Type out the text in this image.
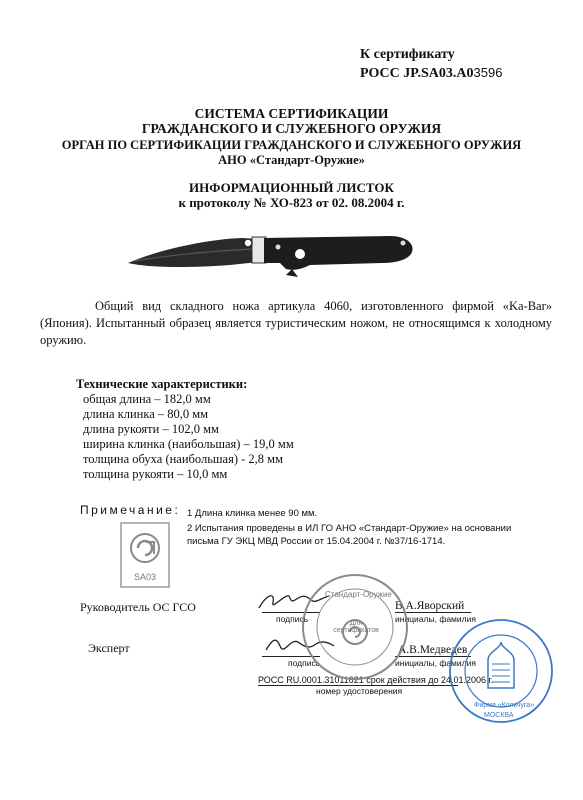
К сертификату
РОСС JP.SA03.A03596
СИСТЕМА СЕРТИФИКАЦИИ
ГРАЖДАНСКОГО И СЛУЖЕБНОГО ОРУЖИЯ
ОРГАН ПО СЕРТИФИКАЦИИ ГРАЖДАНСКОГО И СЛУЖЕБНОГО ОРУЖИЯ
АНО «Стандарт-Оружие»
ИНФОРМАЦИОННЫЙ ЛИСТОК
к протоколу № ХО-823 от 02. 08.2004 г.
Общий вид складного ножа артикула 4060, изготовленного фирмой «Ka-Bar» (Япония). Испытанный образец является туристическим ножом, не относящимся к холодному оружию.
Технические характеристики:
общая длина – 182,0 мм
длина клинка – 80,0 мм
длина рукояти – 102,0 мм
ширина клинка (наибольшая) – 19,0 мм
толщина обуха (наибольшая) - 2,8 мм
толщина рукояти – 10,0 мм
Примечание: 1 Длина клинка менее 90 мм.
2 Испытания проведены в ИЛ ГО АНО «Стандарт-Оружие» на основании
письма ГУ ЭКЦ МВД России от 15.04.2004 г. №37/16-1714.
SA03
Руководитель ОС ГСО
подпись
В.А.Яворский
инициалы, фамилия
Эксперт
подпись
А.В.Медведев
инициалы, фамилия
РОСС RU.0001.31011621 срок действия до 24.01.2006 г.
номер удостоверения
Стандарт-Оружие
Для сертификатов
Фирма «Кольчуга»
МОСКВА
